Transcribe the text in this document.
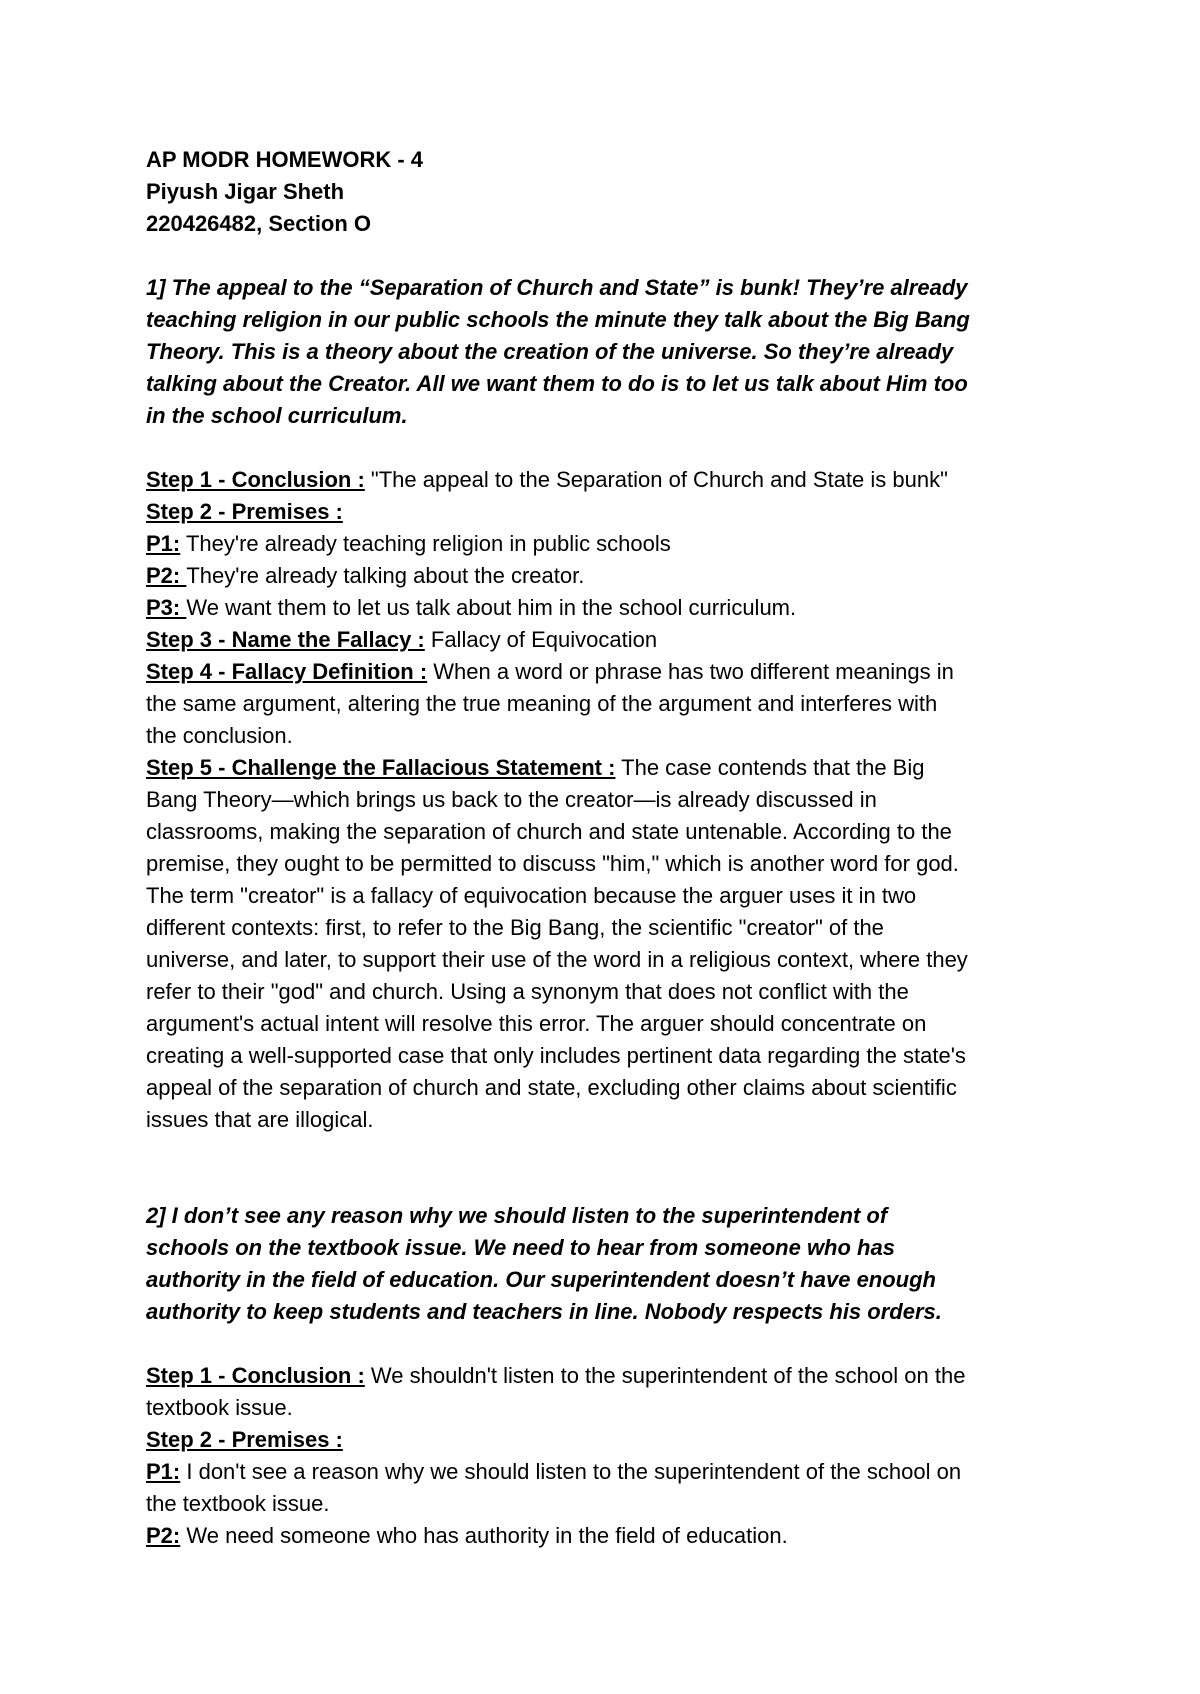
AP MODR HOMEWORK - 4
Piyush Jigar Sheth
220426482, Section O
1] The appeal to the “Separation of Church and State” is bunk! They’re already
teaching religion in our public schools the minute they talk about the Big Bang
Theory. This is a theory about the creation of the universe. So they’re already
talking about the Creator. All we want them to do is to let us talk about Him too
in the school curriculum.
Step 1 - Conclusion : "The appeal to the Separation of Church and State is bunk"
Step 2 - Premises :
P1: They're already teaching religion in public schools
P2: They're already talking about the creator.
P3: We want them to let us talk about him in the school curriculum.
Step 3 - Name the Fallacy : Fallacy of Equivocation
Step 4 - Fallacy Definition : When a word or phrase has two different meanings in
the same argument, altering the true meaning of the argument and interferes with
the conclusion.
Step 5 - Challenge the Fallacious Statement : The case contends that the Big
Bang Theory—which brings us back to the creator—is already discussed in
classrooms, making the separation of church and state untenable. According to the
premise, they ought to be permitted to discuss "him," which is another word for god.
The term "creator" is a fallacy of equivocation because the arguer uses it in two
different contexts: first, to refer to the Big Bang, the scientific "creator" of the
universe, and later, to support their use of the word in a religious context, where they
refer to their "god" and church. Using a synonym that does not conflict with the
argument's actual intent will resolve this error. The arguer should concentrate on
creating a well-supported case that only includes pertinent data regarding the state's
appeal of the separation of church and state, excluding other claims about scientific
issues that are illogical.
2] I don’t see any reason why we should listen to the superintendent of
schools on the textbook issue. We need to hear from someone who has
authority in the field of education. Our superintendent doesn’t have enough
authority to keep students and teachers in line. Nobody respects his orders.
Step 1 - Conclusion : We shouldn't listen to the superintendent of the school on the
textbook issue.
Step 2 - Premises :
P1: I don't see a reason why we should listen to the superintendent of the school on
the textbook issue.
P2: We need someone who has authority in the field of education.
